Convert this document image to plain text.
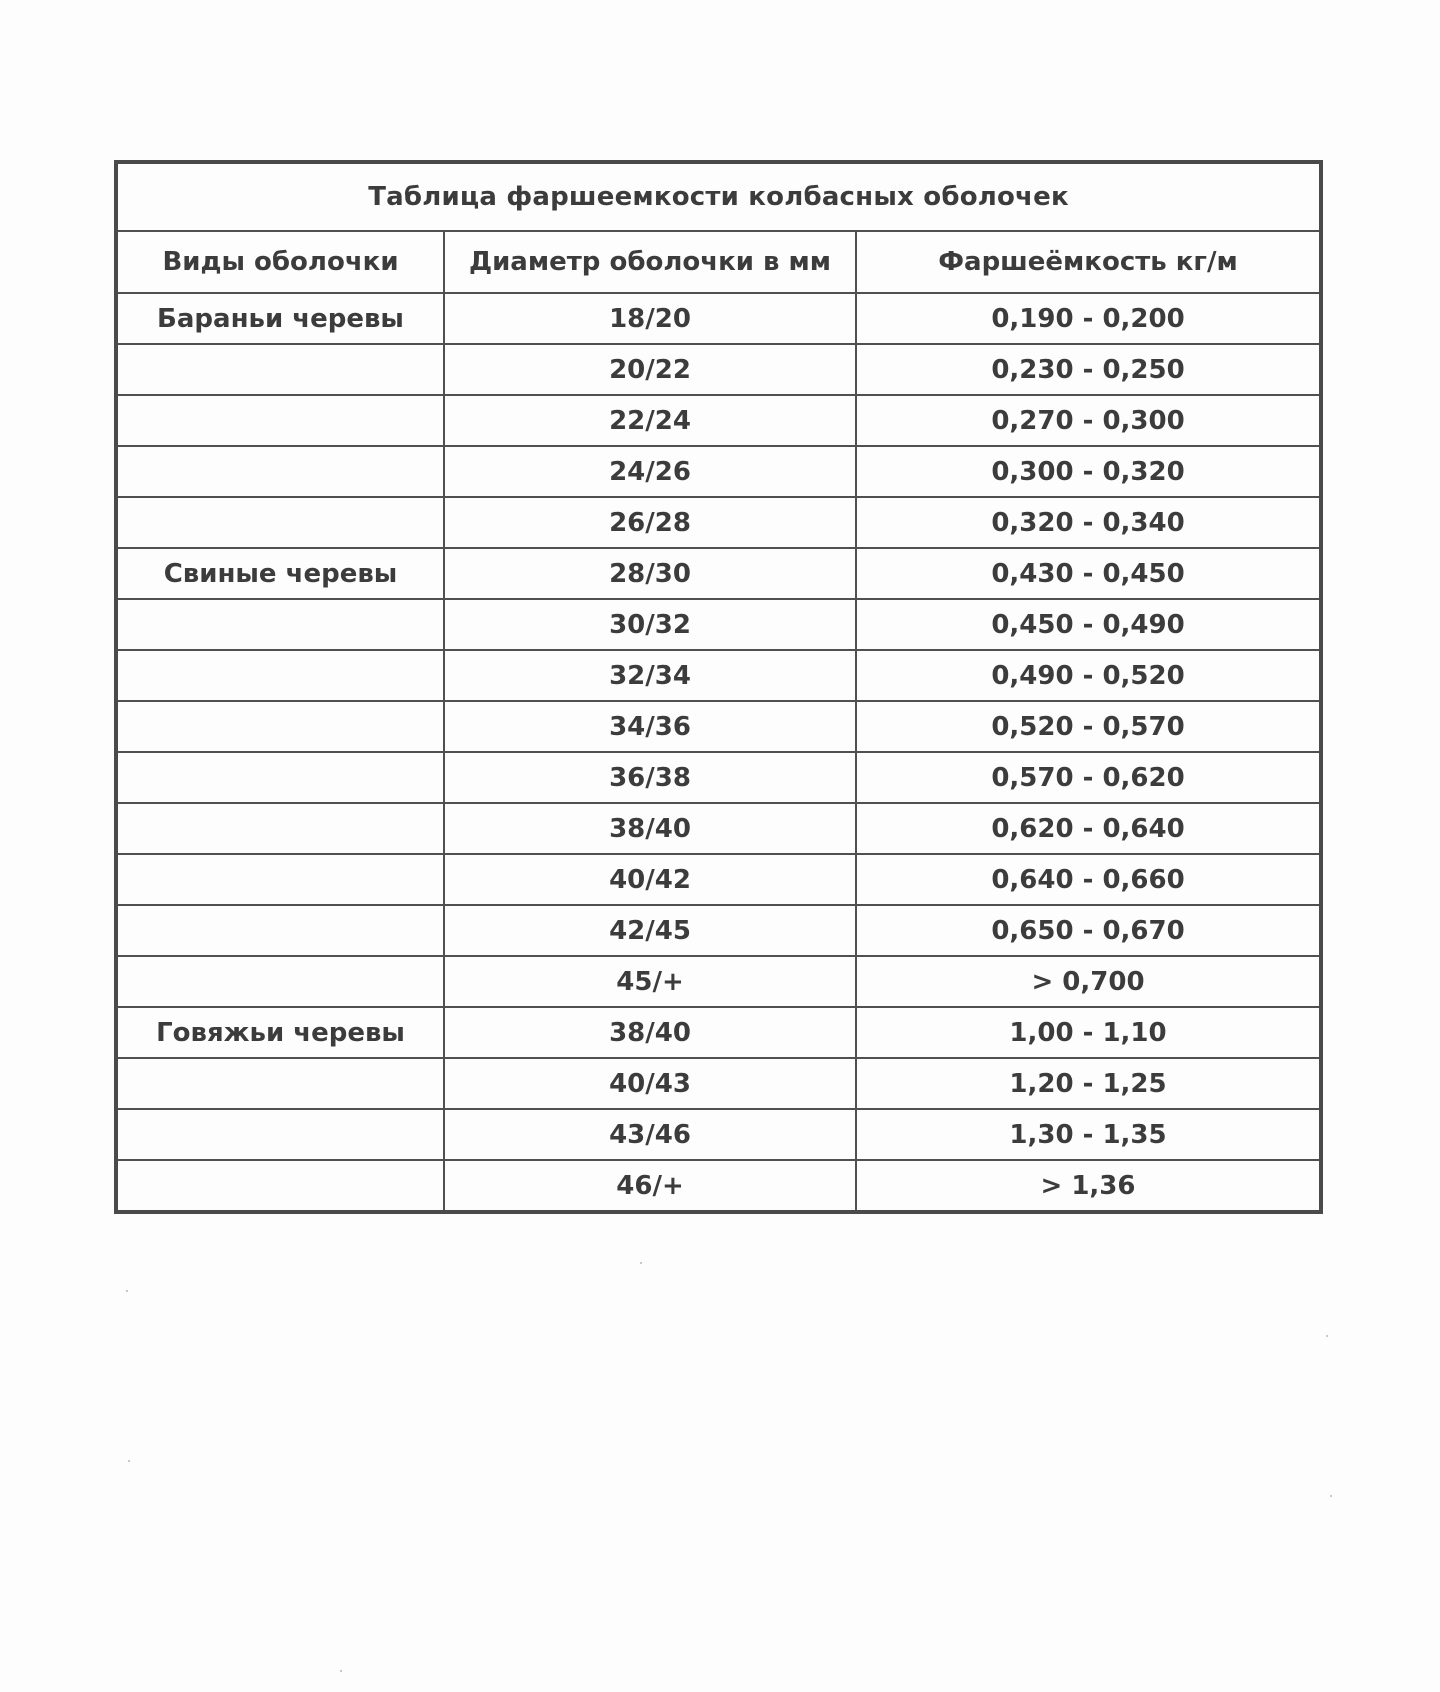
Таблица фаршеемкости колбасных оболочек		
Виды оболочки	Диаметр оболочки в мм	Фаршеёмкость кг/м
Бараньи черевы	18/20	0,190 - 0,200
	20/22	0,230 - 0,250
	22/24	0,270 - 0,300
	24/26	0,300 - 0,320
	26/28	0,320 - 0,340
Свиные черевы	28/30	0,430 - 0,450
	30/32	0,450 - 0,490
	32/34	0,490 - 0,520
	34/36	0,520 - 0,570
	36/38	0,570 - 0,620
	38/40	0,620 - 0,640
	40/42	0,640 - 0,660
	42/45	0,650 - 0,670
	45/+	> 0,700
Говяжьи черевы	38/40	1,00 - 1,10
	40/43	1,20 - 1,25
	43/46	1,30 - 1,35
	46/+	> 1,36
